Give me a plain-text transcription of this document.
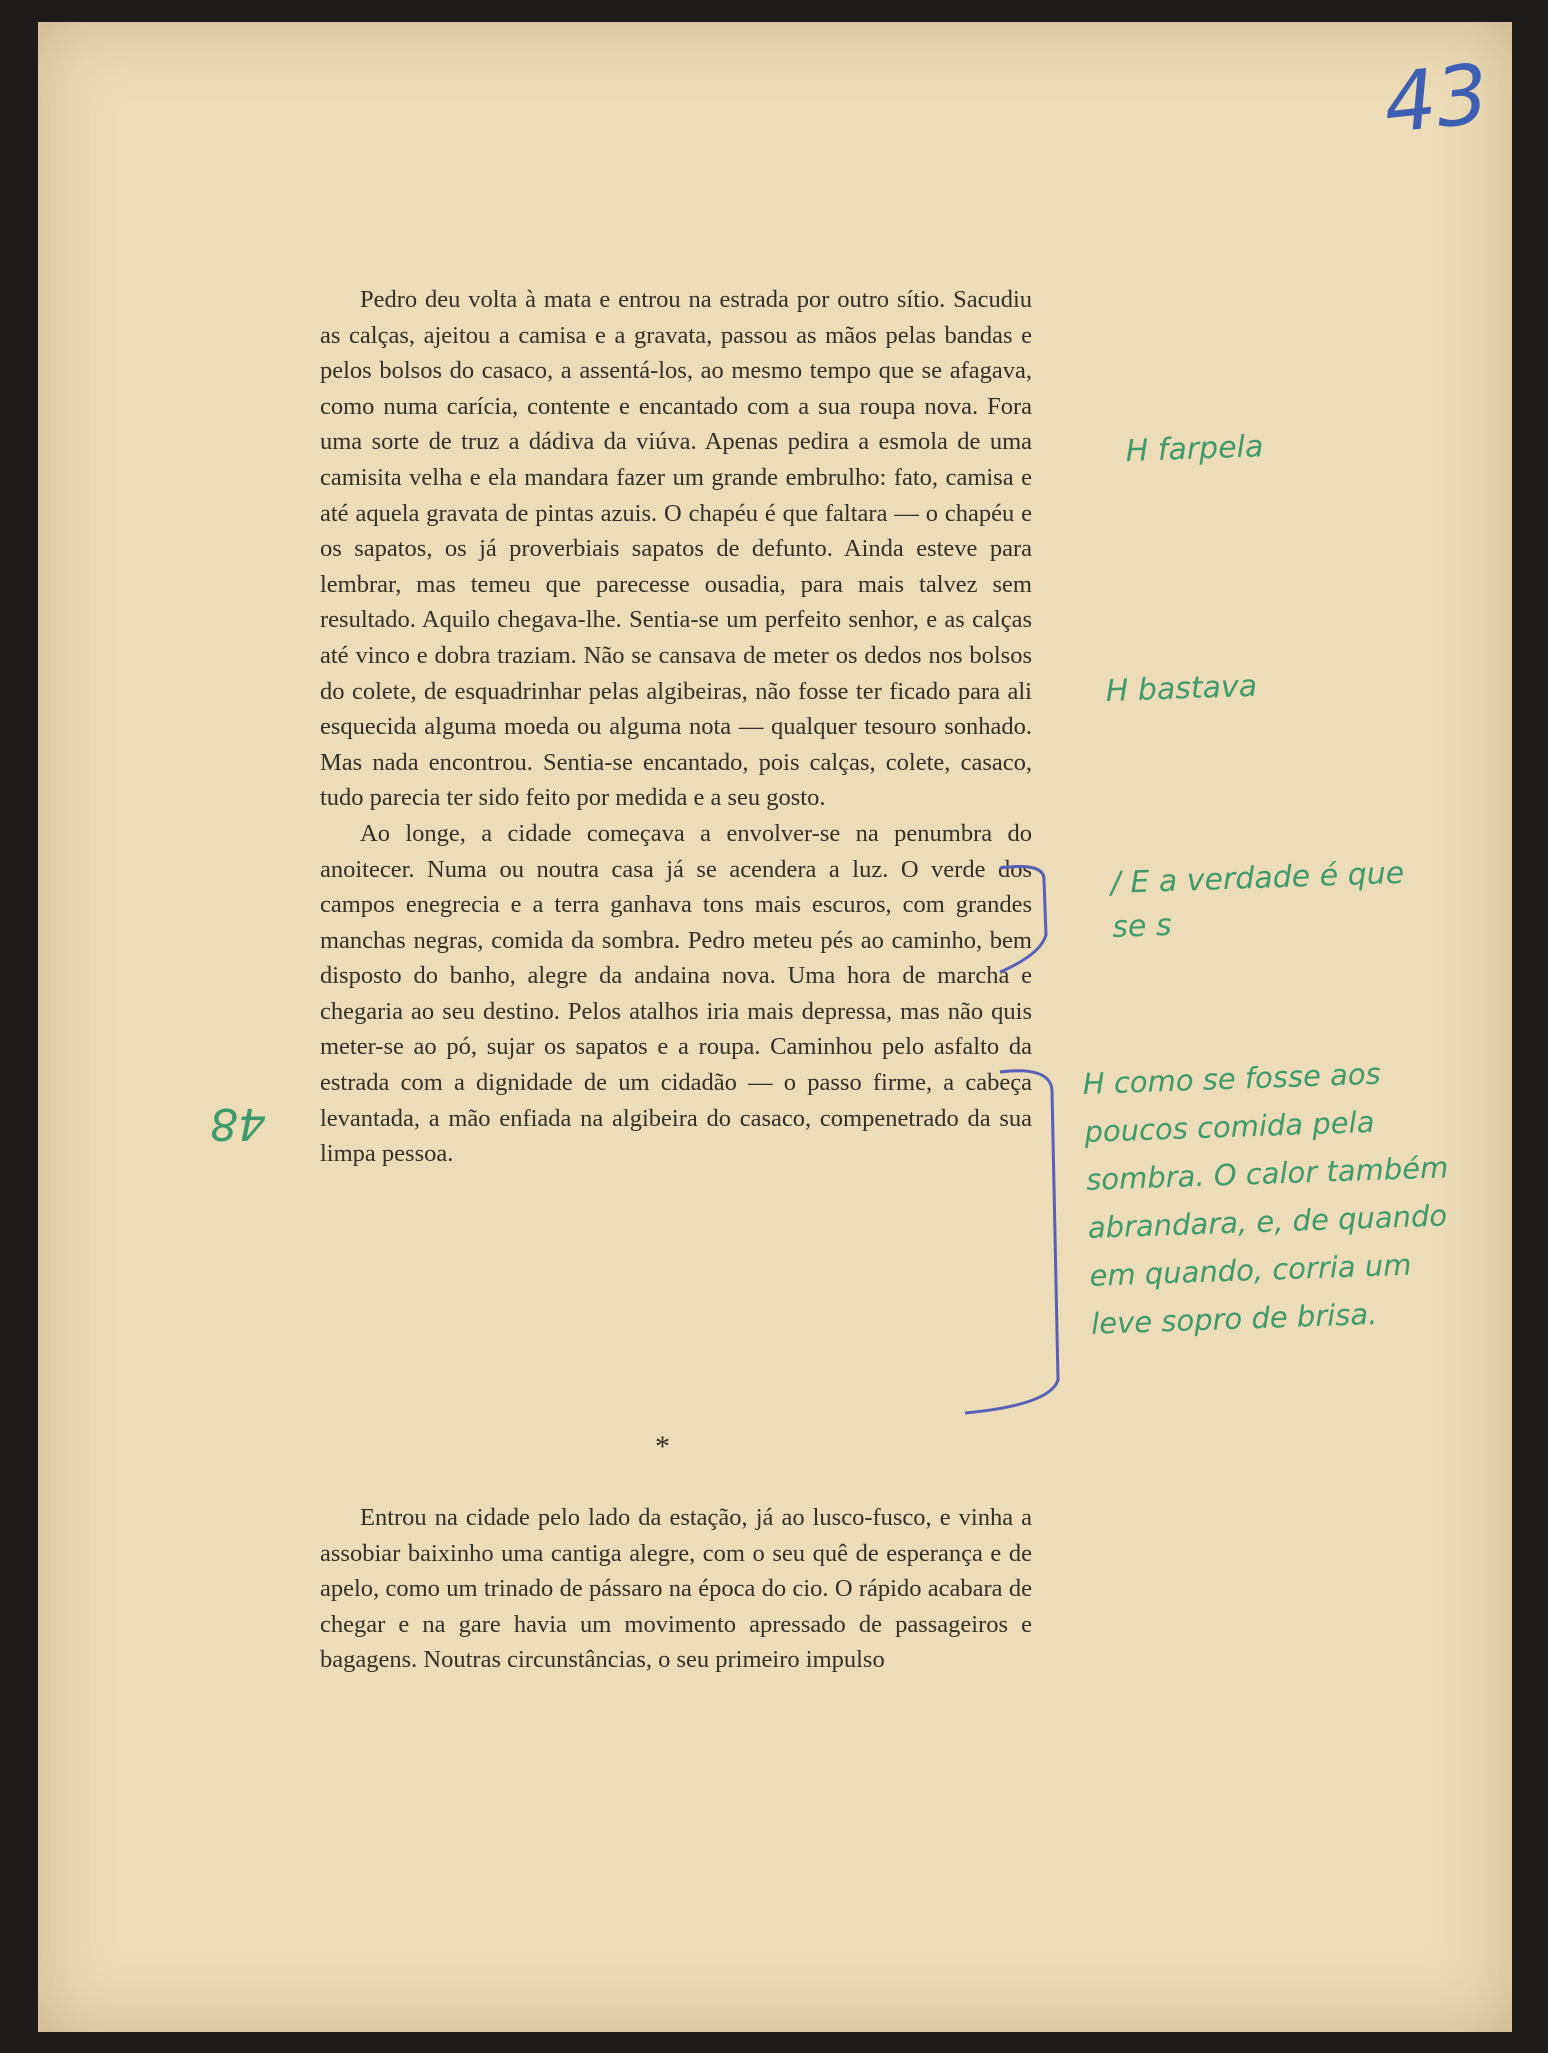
43

Pedro deu volta à mata e entrou na estrada por outro sítio. Sacudiu as calças, ajeitou a camisa e a gravata, passou as mãos pelas bandas e pelos bolsos do casaco, a assentá-los, ao mesmo tempo que se afagava, como numa carícia, contente e encantado com a sua roupa nova. Fora uma sorte de truz a dádiva da viúva. Apenas pedira a esmola de uma camisita velha e ela mandara fazer um grande embrulho: fato, camisa e até aquela gravata de pintas azuis. O chapéu é que faltara — o chapéu e os sapatos, os já proverbiais sapatos de defunto. Ainda esteve para lembrar, mas temeu que parecesse ousadia, para mais talvez sem resultado. Aquilo chegava-lhe. Sentia-se um perfeito senhor, e as calças até vinco e dobra traziam. Não se cansava de meter os dedos nos bolsos do colete, de esquadrinhar pelas algibeiras, não fosse ter ficado para ali esquecida alguma moeda ou alguma nota — qualquer tesouro sonhado. Mas nada encontrou. Sentia-se encantado, pois calças, colete, casaco, tudo parecia ter sido feito por medida e a seu gosto.

Ao longe, a cidade começava a envolver-se na penumbra do anoitecer. Numa ou noutra casa já se acendera a luz. O verde dos campos enegrecia e a terra ganhava tons mais escuros, com grandes manchas negras, comida da sombra. Pedro meteu pés ao caminho, bem disposto do banho, alegre da andaina nova. Uma hora de marcha e chegaria ao seu destino. Pelos atalhos iria mais depressa, mas não quis meter-se ao pó, sujar os sapatos e a roupa. Caminhou pelo asfalto da estrada com a dignidade de um cidadão — o passo firme, a cabeça levantada, a mão enfiada na algibeira do casaco, compenetrado da sua limpa pessoa.

*

Entrou na cidade pelo lado da estação, já ao lusco-fusco, e vinha a assobiar baixinho uma cantiga alegre, com o seu quê de esperança e de apelo, como um trinado de pássaro na época do cio. O rápido acabara de chegar e na gare havia um movimento apressado de passageiros e bagagens. Noutras circunstâncias, o seu primeiro impulso

H farpela
H bastava
/ E a verdade é que se s
H como se fosse aos poucos comida pela sombra. O calor também abrandara, e, de quando em quando, corria um leve sopro de brisa.
48
